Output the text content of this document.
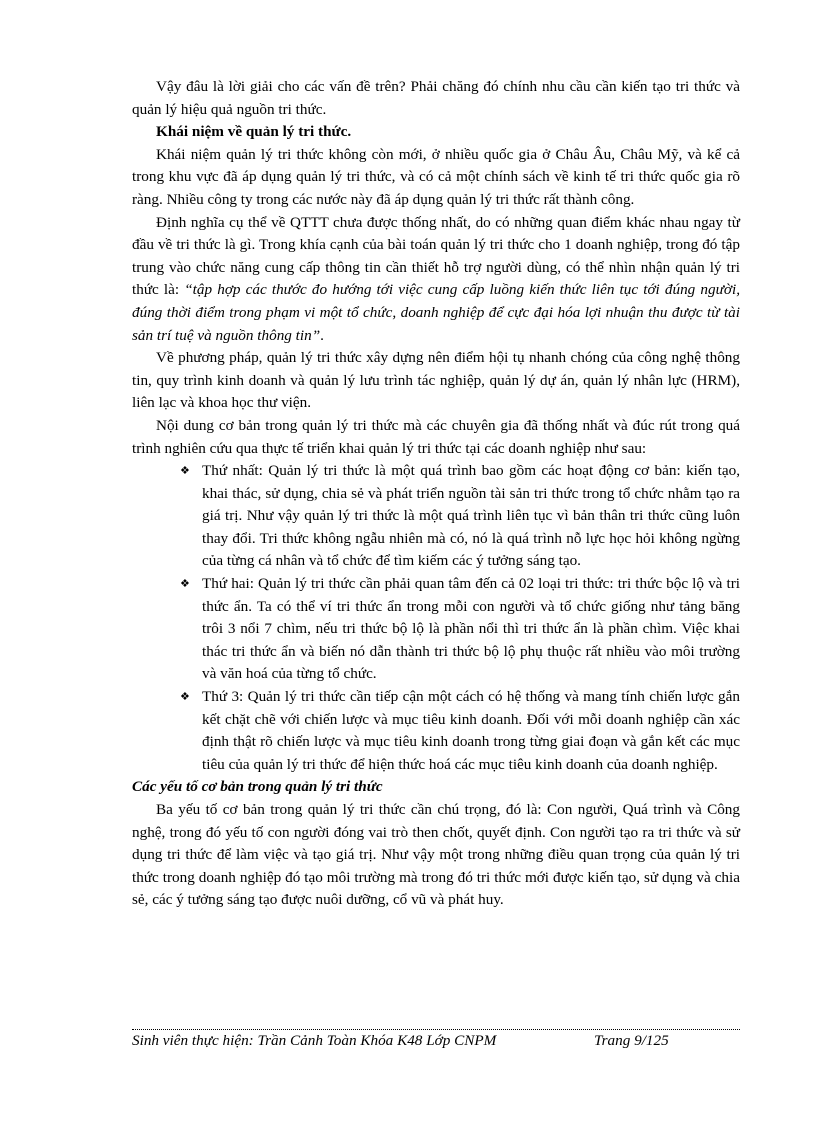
Vậy đâu là lời giải cho các vấn đề trên? Phải chăng đó chính nhu cầu cần kiến tạo tri thức và quản lý hiệu quả nguồn tri thức.

Khái niệm về quản lý tri thức.

Khái niệm quản lý tri thức không còn mới, ở nhiều quốc gia ở Châu Âu, Châu Mỹ, và kể cả trong khu vực đã áp dụng quản lý tri thức, và có cả một chính sách về kinh tế tri thức quốc gia rõ ràng. Nhiều công ty trong các nước này đã áp dụng quản lý tri thức rất thành công.

Định nghĩa cụ thể về QTTT chưa được thống nhất, do có những quan điểm khác nhau ngay từ đầu về tri thức là gì. Trong khía cạnh của bài toán quản lý tri thức cho 1 doanh nghiệp, trong đó tập trung vào chức năng cung cấp thông tin cần thiết hỗ trợ người dùng, có thể nhìn nhận quản lý tri thức là: “tập hợp các thước đo hướng tới việc cung cấp luồng kiến thức liên tục tới đúng người, đúng thời điểm trong phạm vi một tổ chức, doanh nghiệp để cực đại hóa lợi nhuận thu được từ tài sản trí tuệ và nguồn thông tin”.

Về phương pháp, quản lý tri thức xây dựng nên điểm hội tụ nhanh chóng của công nghệ thông tin, quy trình kinh doanh và quản lý lưu trình tác nghiệp, quản lý dự án, quản lý nhân lực (HRM), liên lạc và khoa học thư viện.

Nội dung cơ bản trong quản lý tri thức mà các chuyên gia đã thống nhất và đúc rút trong quá trình nghiên cứu qua thực tế triển khai quản lý tri thức tại các doanh nghiệp như sau:

❖ Thứ nhất: Quản lý tri thức là một quá trình bao gồm các hoạt động cơ bản: kiến tạo, khai thác, sử dụng, chia sẻ và phát triển nguồn tài sản tri thức trong tổ chức nhằm tạo ra giá trị. Như vậy quản lý tri thức là một quá trình liên tục vì bản thân tri thức cũng luôn thay đổi. Tri thức không ngẫu nhiên mà có, nó là quá trình nỗ lực học hỏi không ngừng của từng cá nhân và tổ chức để tìm kiếm các ý tưởng sáng tạo.
❖ Thứ hai: Quản lý tri thức cần phải quan tâm đến cả 02 loại tri thức: tri thức bộc lộ và tri thức ẩn. Ta có thể ví tri thức ẩn trong mỗi con người và tổ chức giống như tảng băng trôi 3 nổi 7 chìm, nếu tri thức bộ lộ là phần nổi thì tri thức ẩn là phần chìm. Việc khai thác tri thức ẩn và biến nó dẫn thành tri thức bộ lộ phụ thuộc rất nhiều vào môi trường và văn hoá của từng tổ chức.
❖ Thứ 3: Quản lý tri thức cần tiếp cận một cách có hệ thống và mang tính chiến lược gắn kết chặt chẽ với chiến lược và mục tiêu kinh doanh. Đối với mỗi doanh nghiệp cần xác định thật rõ chiến lược và mục tiêu kinh doanh trong từng giai đoạn và gắn kết các mục tiêu của quản lý tri thức để hiện thức hoá các mục tiêu kinh doanh của doanh nghiệp.

Các yếu tố cơ bản trong quản lý tri thức

Ba yếu tố cơ bản trong quản lý tri thức cần chú trọng, đó là: Con người, Quá trình và Công nghệ, trong đó yếu tố con người đóng vai trò then chốt, quyết định. Con người tạo ra tri thức và sử dụng tri thức để làm việc và tạo giá trị. Như vậy một trong những điều quan trọng của quản lý tri thức trong doanh nghiệp đó tạo môi trường mà trong đó tri thức mới được kiến tạo, sử dụng và chia sẻ, các ý tưởng sáng tạo được nuôi dưỡng, cổ vũ và phát huy.

Sinh viên thực hiện: Trần Cảnh Toàn Khóa K48 Lớp CNPM	Trang 9/125
